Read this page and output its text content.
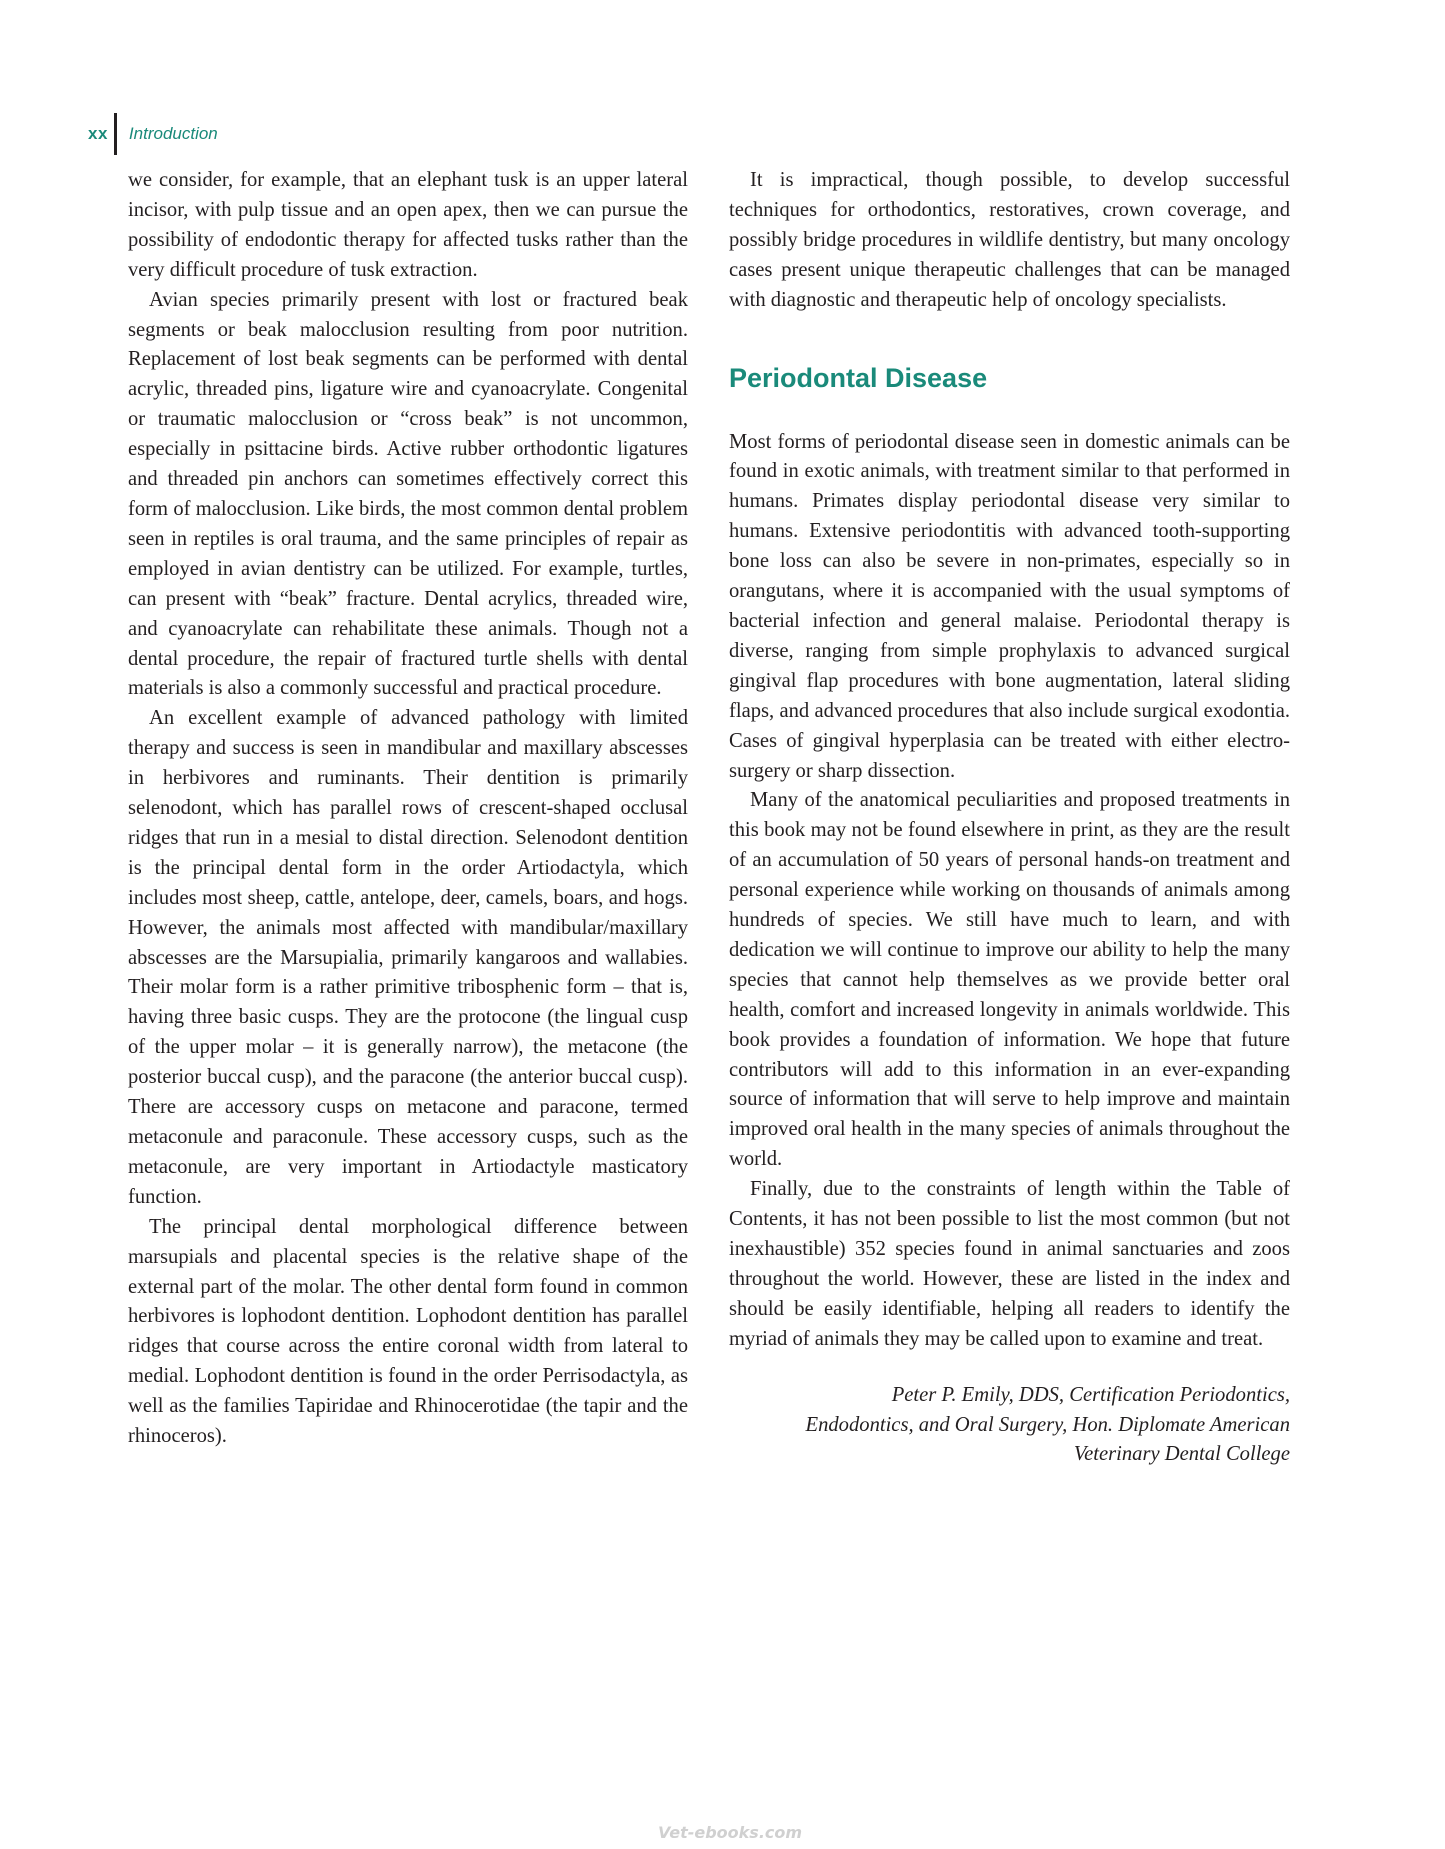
xx Introduction

we consider, for example, that an elephant tusk is an upper lateral incisor, with pulp tissue and an open apex, then we can pursue the possibility of endodontic therapy for affected tusks rather than the very difficult procedure of tusk extraction.

Avian species primarily present with lost or fractured beak segments or beak malocclusion resulting from poor nutrition. Replacement of lost beak segments can be performed with dental acrylic, threaded pins, ligature wire and cyanoacrylate. Congenital or traumatic malocclusion or “cross beak” is not uncommon, especially in psittacine birds. Active rubber orthodontic ligatures and threaded pin anchors can sometimes effectively correct this form of malocclusion. Like birds, the most common dental problem seen in reptiles is oral trauma, and the same principles of repair as employed in avian dentistry can be utilized. For example, turtles, can present with “beak” fracture. Dental acrylics, threaded wire, and cyanoacrylate can rehabilitate these animals. Though not a dental procedure, the repair of fractured turtle shells with dental materials is also a commonly successful and practical procedure.

An excellent example of advanced pathology with limited therapy and success is seen in mandibular and maxillary abscesses in herbivores and ruminants. Their dentition is primarily selenodont, which has parallel rows of crescent-shaped occlusal ridges that run in a mesial to distal direction. Selenodont dentition is the principal dental form in the order Artiodactyla, which includes most sheep, cattle, antelope, deer, camels, boars, and hogs. However, the animals most affected with mandibular/maxillary abscesses are the Marsupialia, primarily kangaroos and wallabies. Their molar form is a rather primitive tribosphenic form – that is, having three basic cusps. They are the protocone (the lingual cusp of the upper molar – it is generally narrow), the metacone (the posterior buccal cusp), and the paracone (the anterior buccal cusp). There are accessory cusps on metacone and paracone, termed metaconule and paraconule. These accessory cusps, such as the metaconule, are very important in Artiodactyle masticatory function.

The principal dental morphological difference between marsupials and placental species is the relative shape of the external part of the molar. The other dental form found in common herbivores is lophodont dentition. Lophodont dentition has parallel ridges that course across the entire coronal width from lateral to medial. Lophodont dentition is found in the order Perrisodactyla, as well as the families Tapiridae and Rhinocerotidae (the tapir and the rhinoceros).

It is impractical, though possible, to develop successful techniques for orthodontics, restoratives, crown coverage, and possibly bridge procedures in wildlife dentistry, but many oncology cases present unique therapeutic challenges that can be managed with diagnostic and therapeutic help of oncology specialists.

Periodontal Disease

Most forms of periodontal disease seen in domestic animals can be found in exotic animals, with treatment similar to that performed in humans. Primates display periodontal disease very similar to humans. Extensive periodontitis with advanced tooth-supporting bone loss can also be severe in non-primates, especially so in orangutans, where it is accompanied with the usual symptoms of bacterial infection and general malaise. Periodontal therapy is diverse, ranging from simple prophylaxis to advanced surgical gingival flap procedures with bone augmentation, lateral sliding flaps, and advanced procedures that also include surgical exodontia. Cases of gingival hyperplasia can be treated with either electro-surgery or sharp dissection.

Many of the anatomical peculiarities and proposed treatments in this book may not be found elsewhere in print, as they are the result of an accumulation of 50 years of personal hands-on treatment and personal experience while working on thousands of animals among hundreds of species. We still have much to learn, and with dedication we will continue to improve our ability to help the many species that cannot help themselves as we provide better oral health, comfort and increased longevity in animals worldwide. This book provides a foundation of information. We hope that future contributors will add to this information in an ever-expanding source of information that will serve to help improve and maintain improved oral health in the many species of animals throughout the world.

Finally, due to the constraints of length within the Table of Contents, it has not been possible to list the most common (but not inexhaustible) 352 species found in animal sanctuaries and zoos throughout the world. However, these are listed in the index and should be easily identifiable, helping all readers to identify the myriad of animals they may be called upon to examine and treat.

Peter P. Emily, DDS, Certification Periodontics,
Endodontics, and Oral Surgery, Hon. Diplomate American
Veterinary Dental College
Vet-ebooks.com
